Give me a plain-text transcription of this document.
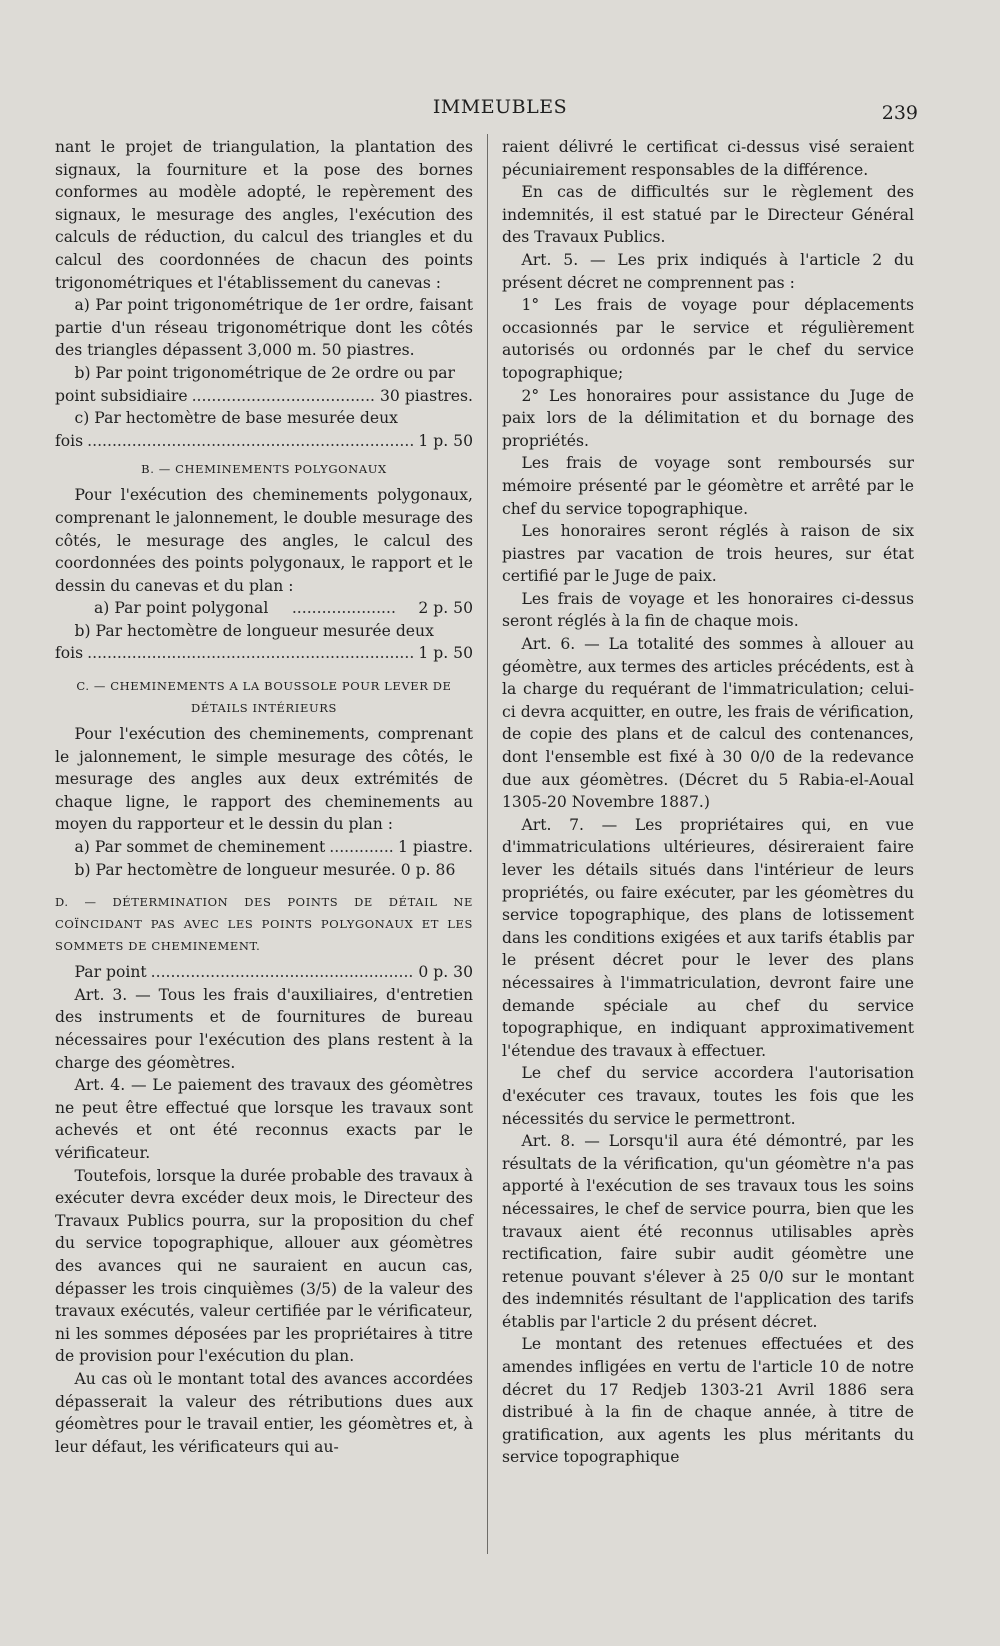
IMMEUBLES	239

nant le projet de triangulation, la plantation des signaux, la fourniture et la pose des bornes conformes au modèle adopté, le repèrement des signaux, le mesurage des angles, l'exécution des calculs de réduction, du calcul des triangles et du calcul des coordonnées de chacun des points trigonométriques et l'établissement du canevas :

a) Par point trigonométrique de 1er ordre, faisant partie d'un réseau trigonométrique dont les côtés des triangles dépassent 3,000 m. 50 piastres.

b) Par point trigonométrique de 2e ordre ou par

point subsidiaire .....	30 piastres.

c) Par hectomètre de base mesurée deux

fois .....	1 p. 50
B. — CHEMINEMENTS POLYGONAUX

Pour l'exécution des cheminements polygonaux, comprenant le jalonnement, le double mesurage des côtés, le mesurage des angles, le calcul des coordonnées des points polygonaux, le rapport et le dessin du canevas et du plan :

a) Par point polygonal .....	2 p. 50

b) Par hectomètre de longueur mesurée deux

fois .....	1 p. 50
C. — CHEMINEMENTS A LA BOUSSOLE POUR LEVER DE DÉTAILS INTÉRIEURS

Pour l'exécution des cheminements, comprenant le jalonnement, le simple mesurage des côtés, le mesurage des angles aux deux extrémités de chaque ligne, le rapport des cheminements au moyen du rapporteur et le dessin du plan :

a) Par sommet de cheminement .....	1 piastre.

b) Par hectomètre de longueur mesurée. 0 p. 86

D. — DÉTERMINATION DES POINTS DE DÉTAIL NE COÏNCIDANT PAS AVEC LES POINTS POLYGONAUX ET LES SOMMETS DE CHEMINEMENT.
Par point .....	0 p. 30

Art. 3. — Tous les frais d'auxiliaires, d'entretien des instruments et de fournitures de bureau nécessaires pour l'exécution des plans restent à la charge des géomètres.

Art. 4. — Le paiement des travaux des géomètres ne peut être effectué que lorsque les travaux sont achevés et ont été reconnus exacts par le vérificateur.

Toutefois, lorsque la durée probable des travaux à exécuter devra excéder deux mois, le Directeur des Travaux Publics pourra, sur la proposition du chef du service topographique, allouer aux géomètres des avances qui ne sauraient en aucun cas, dépasser les trois cinquièmes (3/5) de la valeur des travaux exécutés, valeur certifiée par le vérificateur, ni les sommes déposées par les propriétaires à titre de provision pour l'exécution du plan.

Au cas où le montant total des avances accordées dépasserait la valeur des rétributions dues aux géomètres pour le travail entier, les géomètres et, à leur défaut, les vérificateurs qui au-

raient délivré le certificat ci-dessus visé seraient pécuniairement responsables de la différence.

En cas de difficultés sur le règlement des indemnités, il est statué par le Directeur Général des Travaux Publics.

Art. 5. — Les prix indiqués à l'article 2 du présent décret ne comprennent pas :

1° Les frais de voyage pour déplacements occasionnés par le service et régulièrement autorisés ou ordonnés par le chef du service topographique;

2° Les honoraires pour assistance du Juge de paix lors de la délimitation et du bornage des propriétés.

Les frais de voyage sont remboursés sur mémoire présenté par le géomètre et arrêté par le chef du service topographique.

Les honoraires seront réglés à raison de six piastres par vacation de trois heures, sur état certifié par le Juge de paix.

Les frais de voyage et les honoraires ci-dessus seront réglés à la fin de chaque mois.

Art. 6. — La totalité des sommes à allouer au géomètre, aux termes des articles précédents, est à la charge du requérant de l'immatriculation; celui-ci devra acquitter, en outre, les frais de vérification, de copie des plans et de calcul des contenances, dont l'ensemble est fixé à 30 0/0 de la redevance due aux géomètres. (Décret du 5 Rabia-el-Aoual 1305-20 Novembre 1887.)

Art. 7. — Les propriétaires qui, en vue d'immatriculations ultérieures, désireraient faire lever les détails situés dans l'intérieur de leurs propriétés, ou faire exécuter, par les géomètres du service topographique, des plans de lotissement dans les conditions exigées et aux tarifs établis par le présent décret pour le lever des plans nécessaires à l'immatriculation, devront faire une demande spéciale au chef du service topographique, en indiquant approximativement l'étendue des travaux à effectuer.

Le chef du service accordera l'autorisation d'exécuter ces travaux, toutes les fois que les nécessités du service le permettront.

Art. 8. — Lorsqu'il aura été démontré, par les résultats de la vérification, qu'un géomètre n'a pas apporté à l'exécution de ses travaux tous les soins nécessaires, le chef de service pourra, bien que les travaux aient été reconnus utilisables après rectification, faire subir audit géomètre une retenue pouvant s'élever à 25 0/0 sur le montant des indemnités résultant de l'application des tarifs établis par l'article 2 du présent décret.

Le montant des retenues effectuées et des amendes infligées en vertu de l'article 10 de notre décret du 17 Redjeb 1303-21 Avril 1886 sera distribué à la fin de chaque année, à titre de gratification, aux agents les plus méritants du service topographique
